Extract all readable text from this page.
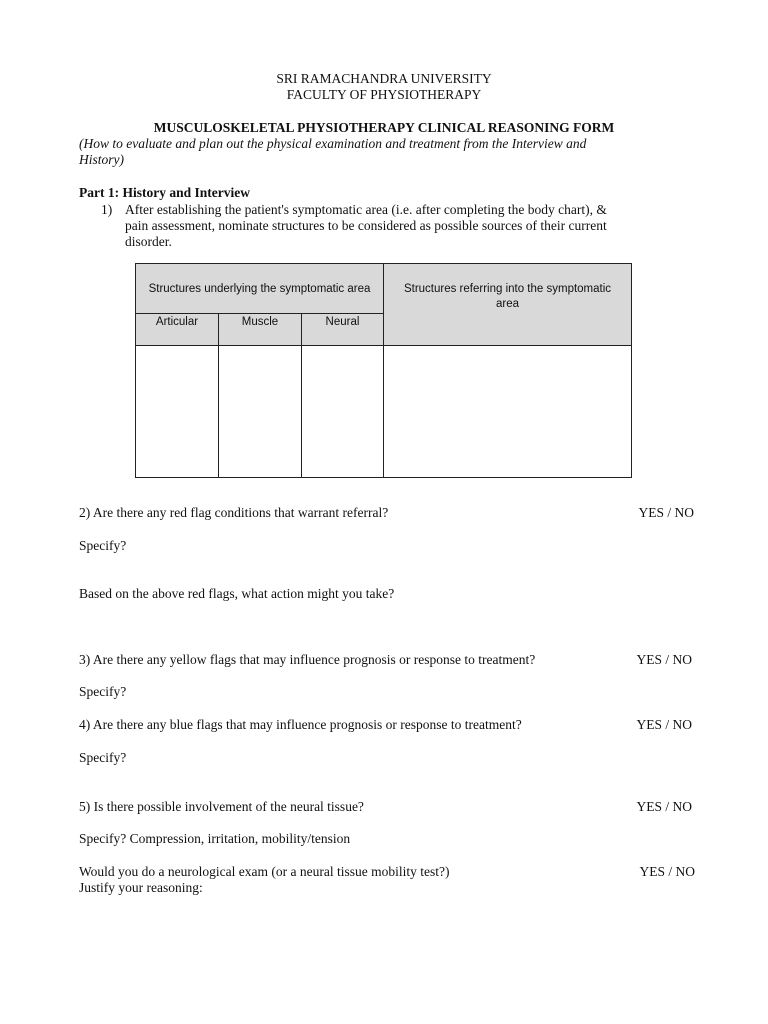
SRI RAMACHANDRA UNIVERSITY
FACULTY OF PHYSIOTHERAPY
MUSCULOSKELETAL PHYSIOTHERAPY CLINICAL REASONING FORM
(How to evaluate and plan out the physical examination and treatment from the Interview and
History)
Part 1: History and Interview
1) After establishing the patient's symptomatic area (i.e. after completing the body chart), &
pain assessment, nominate structures to be considered as possible sources of their current
disorder.
Structures underlying the symptomatic area	Structures referring into the symptomatic
area
Articular	Muscle	Neural
2) Are there any red flag conditions that warrant referral?	YES / NO
Specify?
Based on the above red flags, what action might you take?
3) Are there any yellow flags that may influence prognosis or response to treatment?	YES / NO
Specify?
4) Are there any blue flags that may influence prognosis or response to treatment?	YES / NO
Specify?
5) Is there possible involvement of the neural tissue?	YES / NO
Specify? Compression, irritation, mobility/tension
Would you do a neurological exam (or a neural tissue mobility test?)	YES / NO
Justify your reasoning:
